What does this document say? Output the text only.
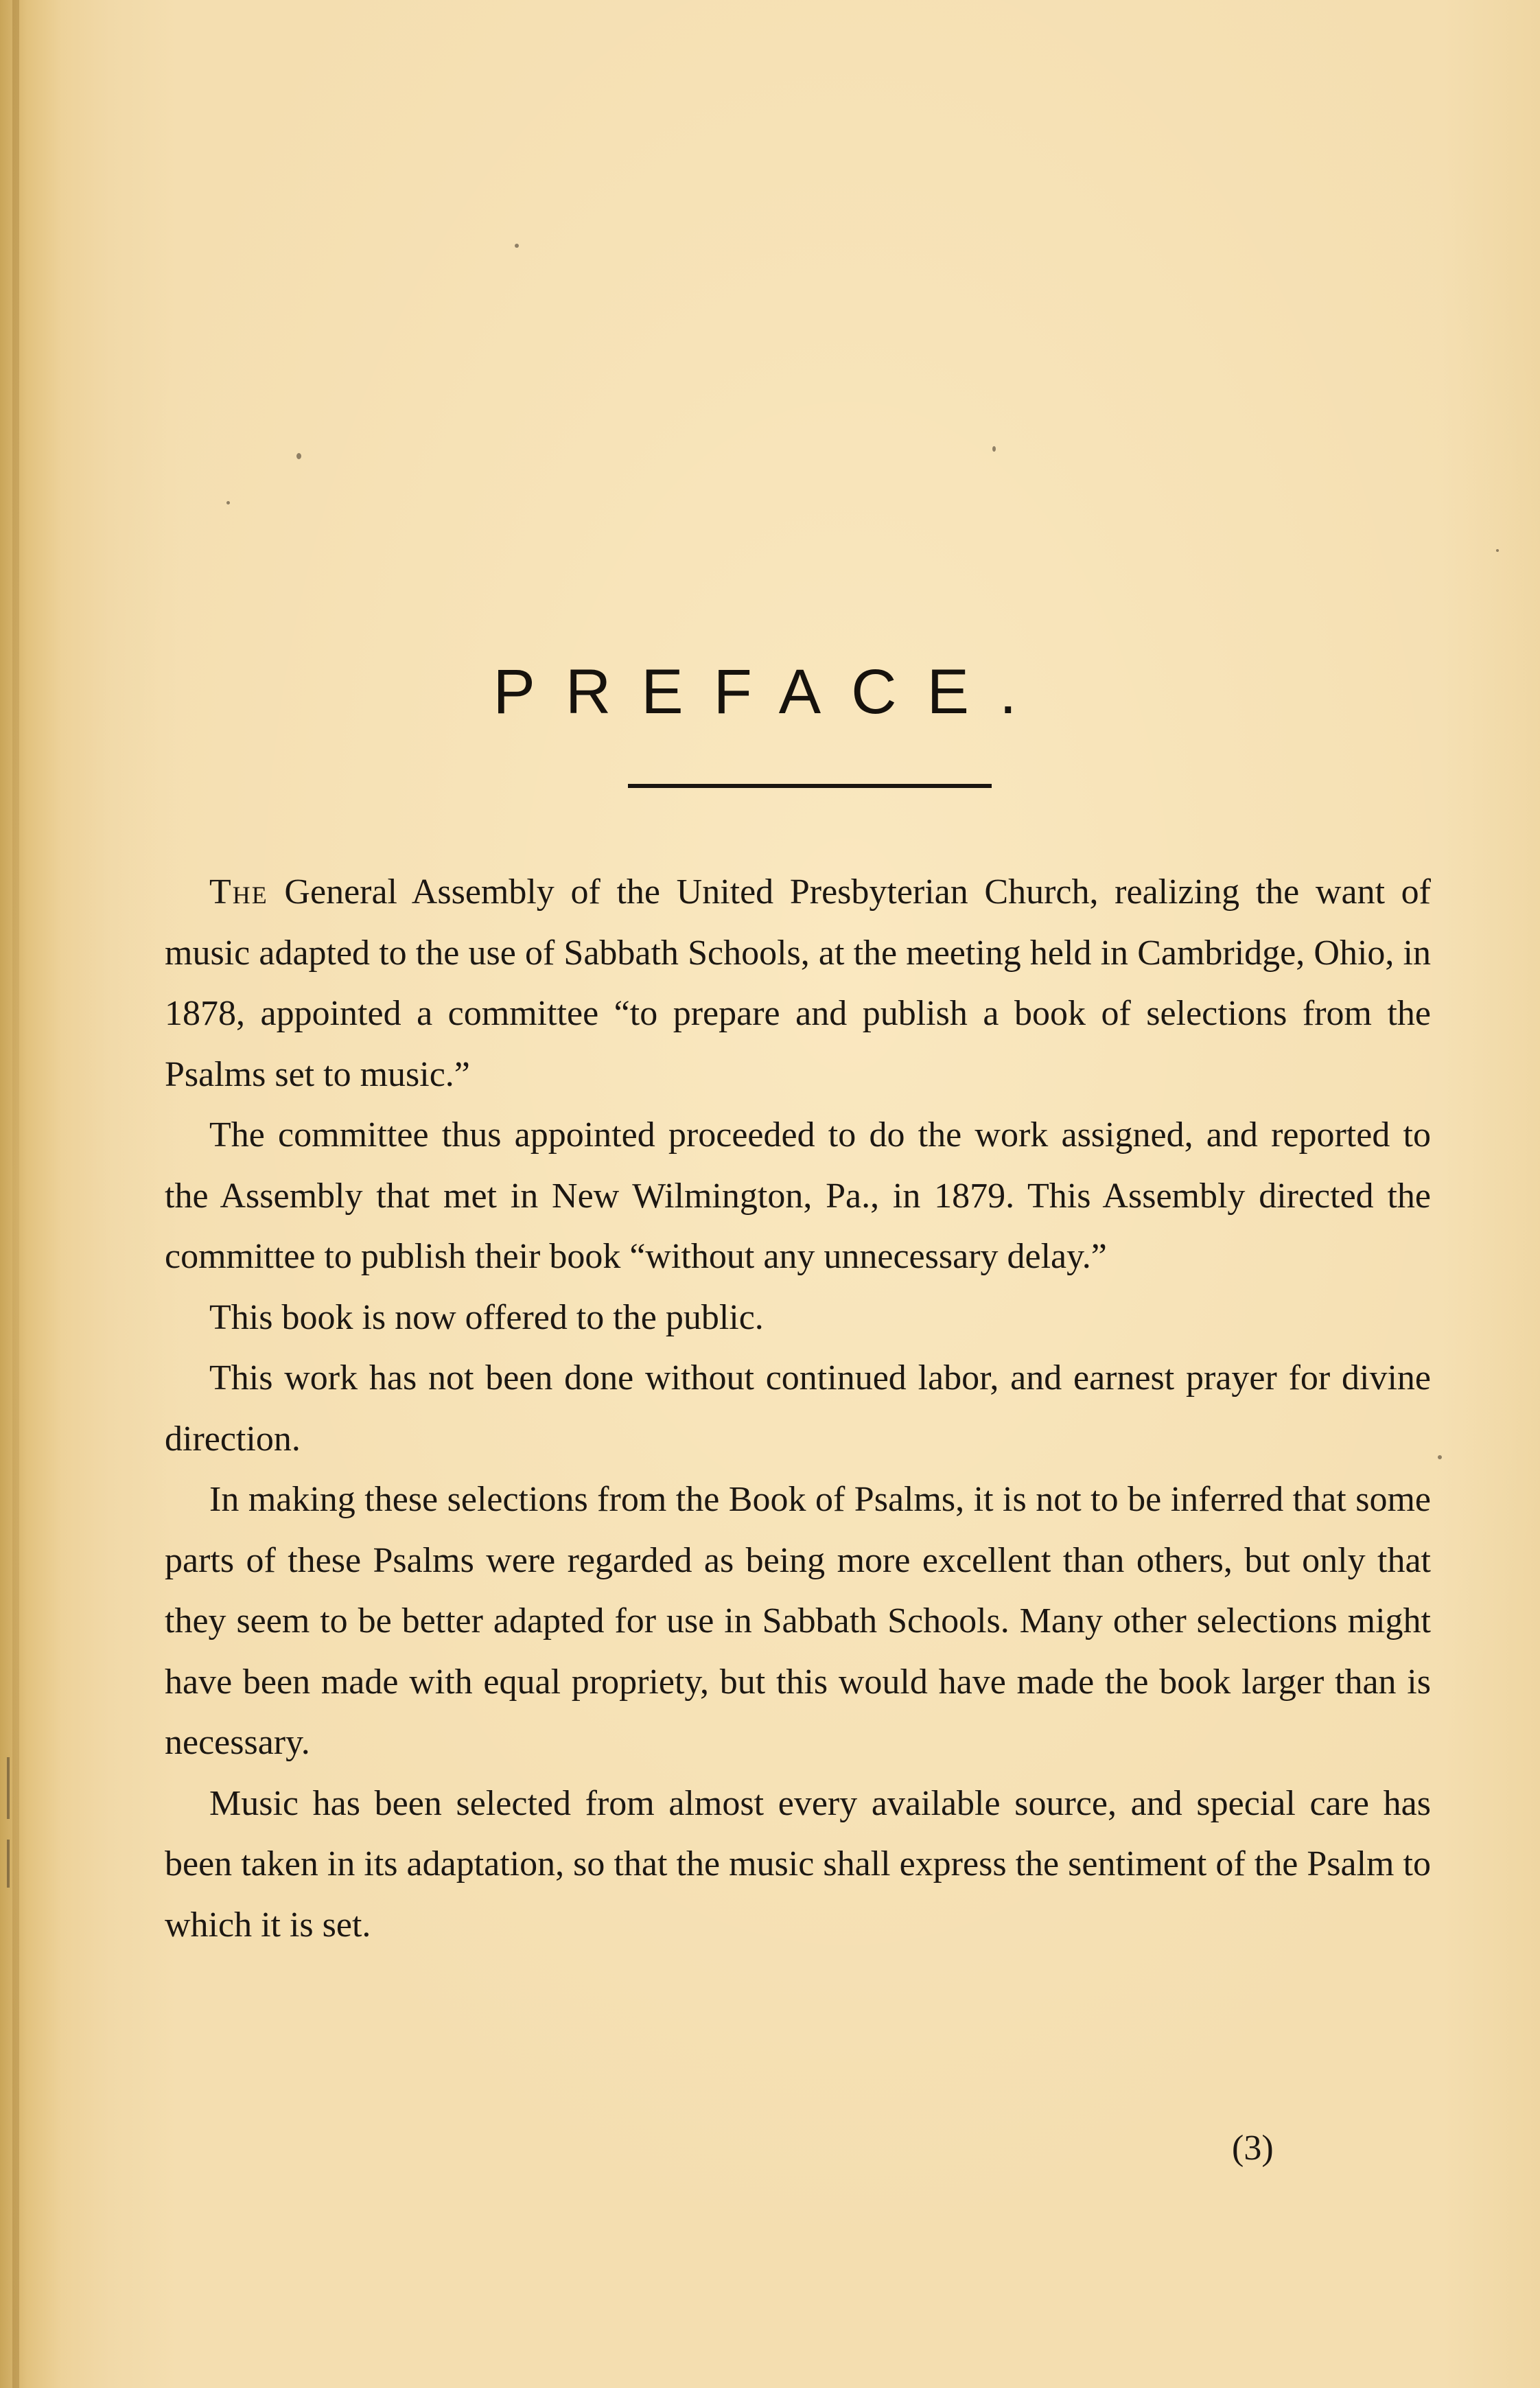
PREFACE.

The General Assembly of the United Presbyterian Church, realizing the want of music adapted to the use of Sabbath Schools, at the meeting held in Cambridge, Ohio, in 1878, appointed a committee “to prepare and publish a book of selections from the Psalms set to music.”

The committee thus appointed proceeded to do the work assigned, and reported to the Assembly that met in New Wilmington, Pa., in 1879. This Assembly directed the committee to publish their book “without any unnecessary delay.”

This book is now offered to the public.

This work has not been done without continued labor, and earnest prayer for divine direction.

In making these selections from the Book of Psalms, it is not to be inferred that some parts of these Psalms were regarded as being more excellent than others, but only that they seem to be better adapted for use in Sabbath Schools. Many other selections might have been made with equal propriety, but this would have made the book larger than is necessary.

Music has been selected from almost every available source, and special care has been taken in its adaptation, so that the music shall express the sentiment of the Psalm to which it is set.

(3)
